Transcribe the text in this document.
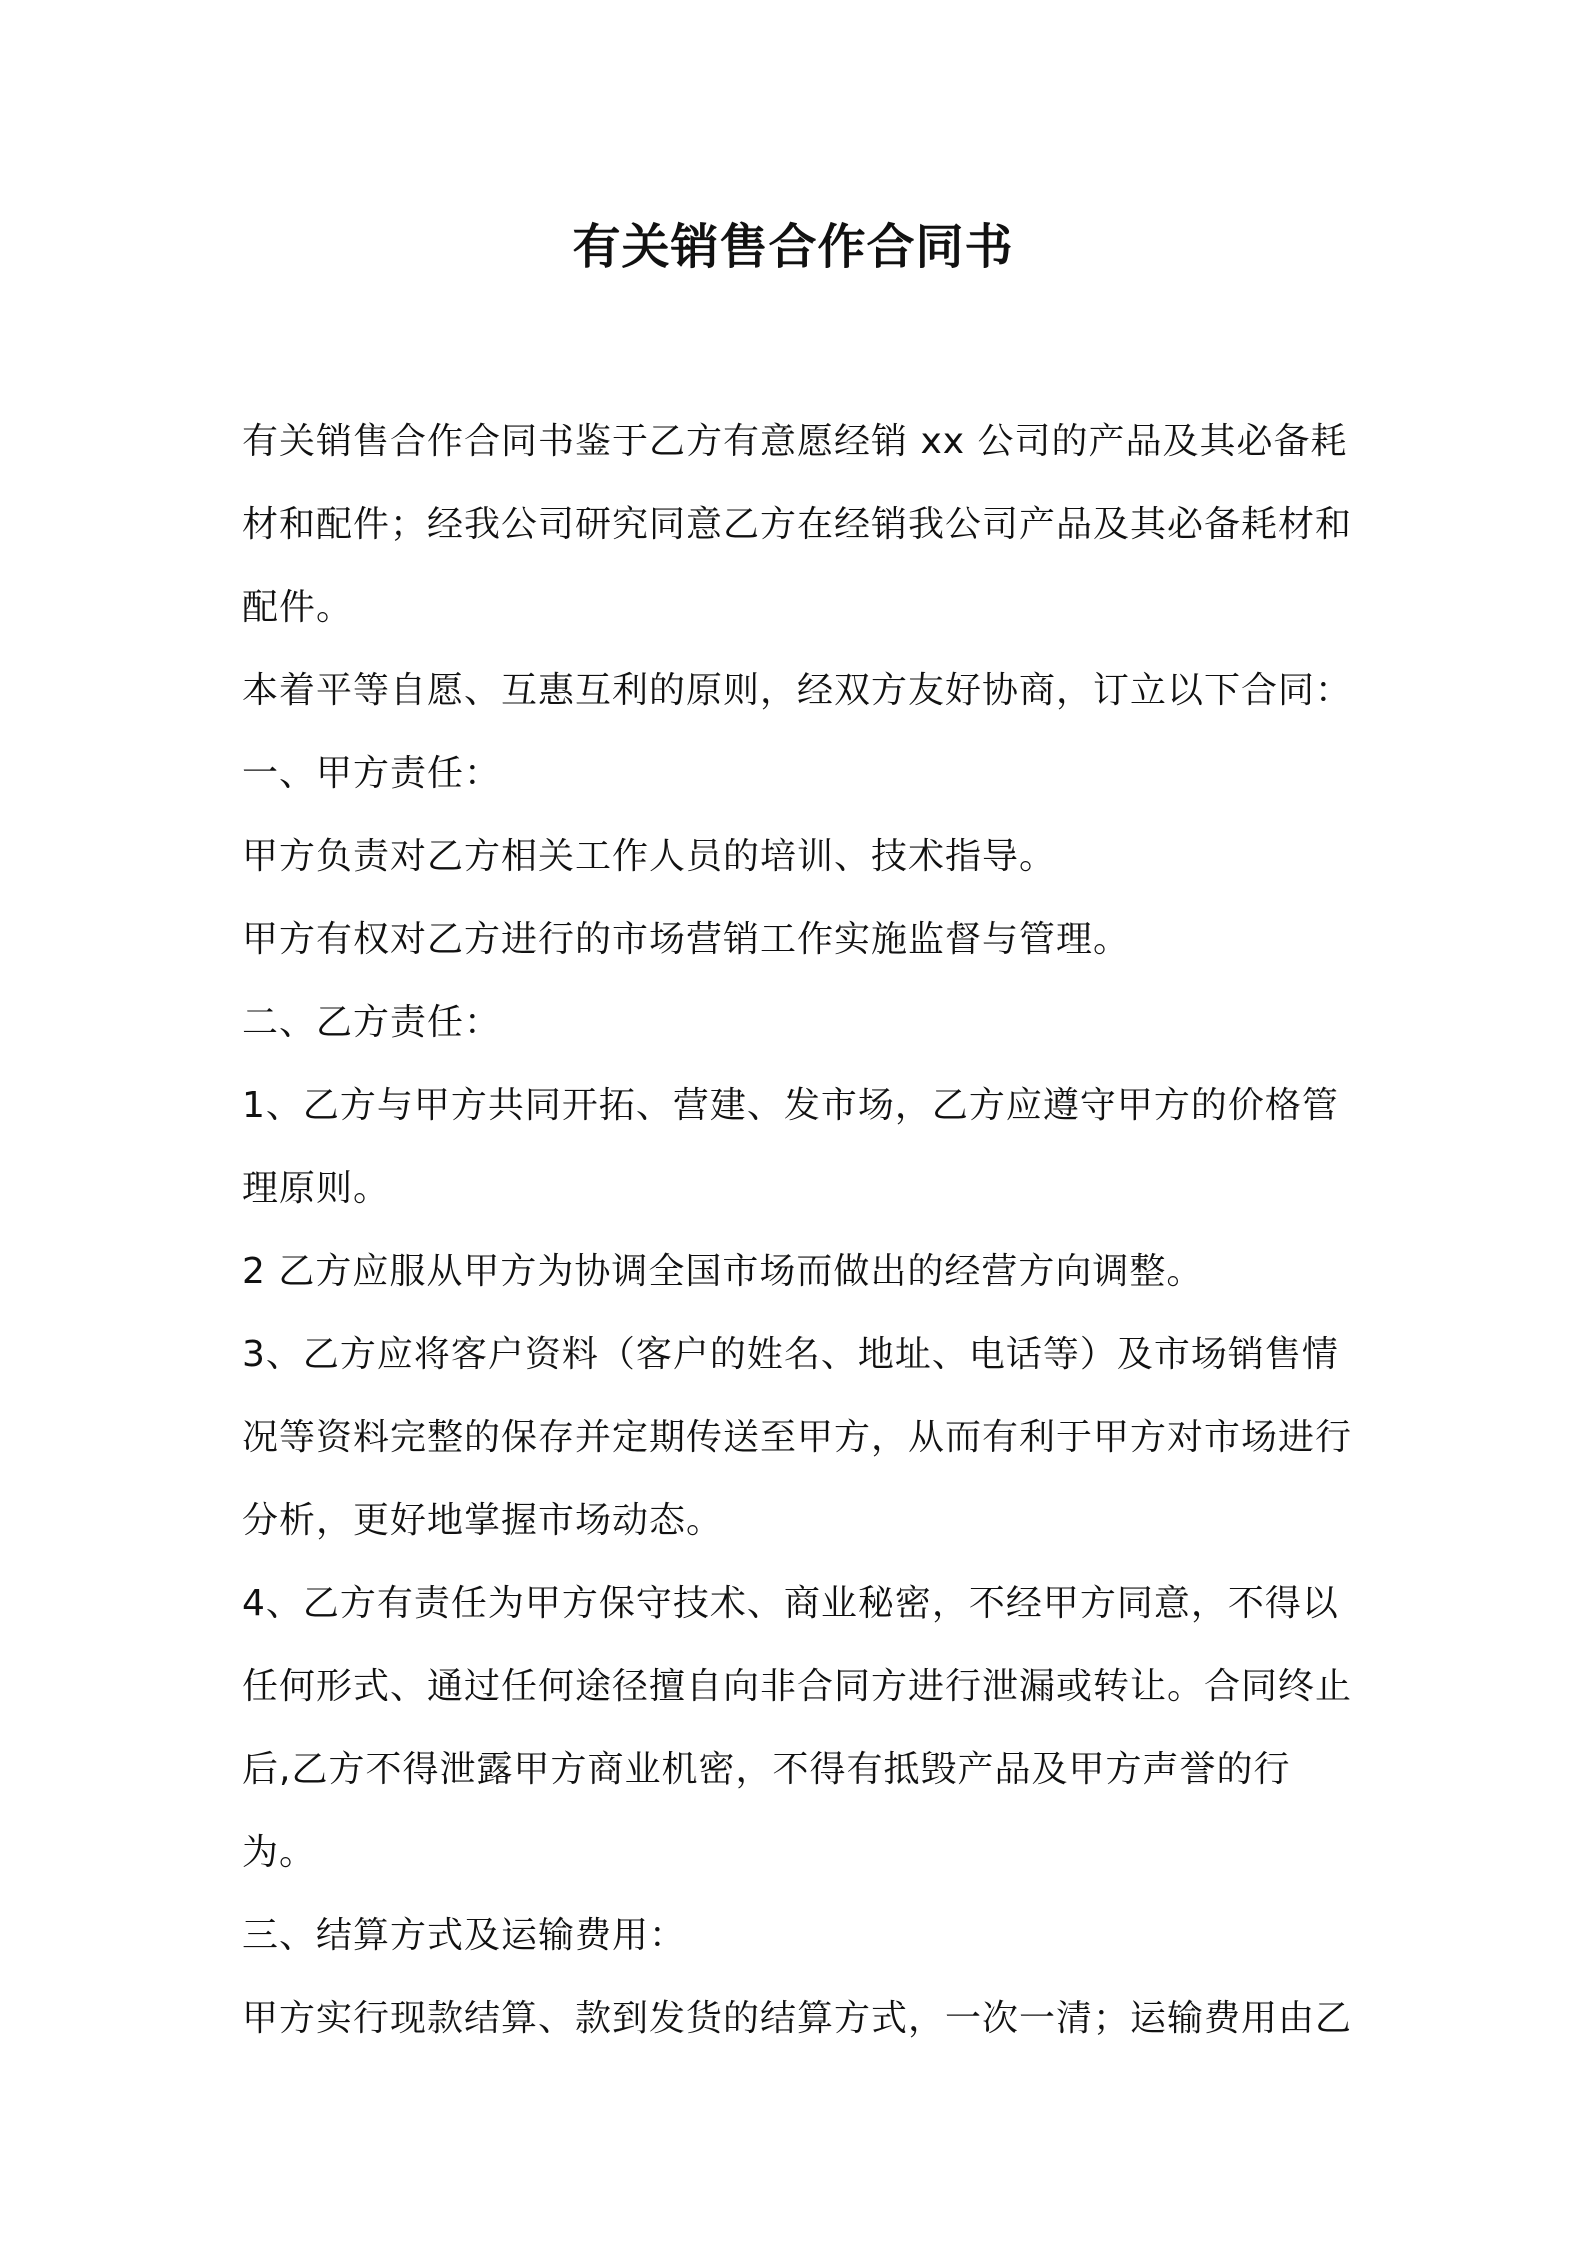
有关销售合作合同书

有关销售合作合同书鉴于乙方有意愿经销 xx 公司的产品及其必备耗材和配件；经我公司研究同意乙方在经销我公司产品及其必备耗材和配件。

本着平等自愿、互惠互利的原则，经双方友好协商，订立以下合同：

一、甲方责任：

甲方负责对乙方相关工作人员的培训、技术指导。

甲方有权对乙方进行的市场营销工作实施监督与管理。

二、乙方责任：

1、乙方与甲方共同开拓、营建、发市场，乙方应遵守甲方的价格管理原则。

2 乙方应服从甲方为协调全国市场而做出的经营方向调整。

3、乙方应将客户资料（客户的姓名、地址、电话等）及市场销售情况等资料完整的保存并定期传送至甲方，从而有利于甲方对市场进行分析，更好地掌握市场动态。

4、乙方有责任为甲方保守技术、商业秘密，不经甲方同意，不得以任何形式、通过任何途径擅自向非合同方进行泄漏或转让。合同终止后,乙方不得泄露甲方商业机密，不得有抵毁产品及甲方声誉的行为。

三、结算方式及运输费用：

甲方实行现款结算、款到发货的结算方式，一次一清；运输费用由乙
